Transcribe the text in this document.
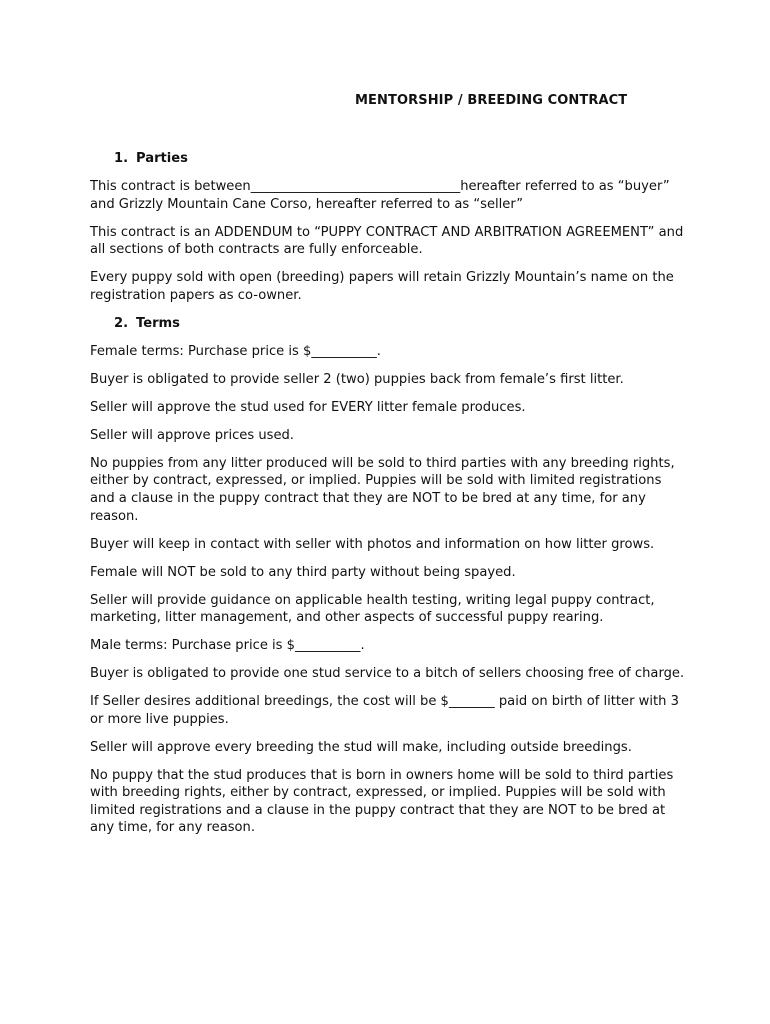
MENTORSHIP / BREEDING CONTRACT
1. Parties

This contract is between________________________________hereafter referred to as “buyer” and Grizzly Mountain Cane Corso, hereafter referred to as “seller”

This contract is an ADDENDUM to “PUPPY CONTRACT AND ARBITRATION AGREEMENT” and all sections of both contracts are fully enforceable.

Every puppy sold with open (breeding) papers will retain Grizzly Mountain’s name on the registration papers as co-owner.

2. Terms

Female terms: Purchase price is $__________.

Buyer is obligated to provide seller 2 (two) puppies back from female’s first litter.

Seller will approve the stud used for EVERY litter female produces.

Seller will approve prices used.

No puppies from any litter produced will be sold to third parties with any breeding rights, either by contract, expressed, or implied. Puppies will be sold with limited registrations and a clause in the puppy contract that they are NOT to be bred at any time, for any reason.

Buyer will keep in contact with seller with photos and information on how litter grows.

Female will NOT be sold to any third party without being spayed.

Seller will provide guidance on applicable health testing, writing legal puppy contract, marketing, litter management, and other aspects of successful puppy rearing.

Male terms: Purchase price is $__________.

Buyer is obligated to provide one stud service to a bitch of sellers choosing free of charge.

If Seller desires additional breedings, the cost will be $_______ paid on birth of litter with 3 or more live puppies.

Seller will approve every breeding the stud will make, including outside breedings.

No puppy that the stud produces that is born in owners home will be sold to third parties with breeding rights, either by contract, expressed, or implied. Puppies will be sold with limited registrations and a clause in the puppy contract that they are NOT to be bred at any time, for any reason.
